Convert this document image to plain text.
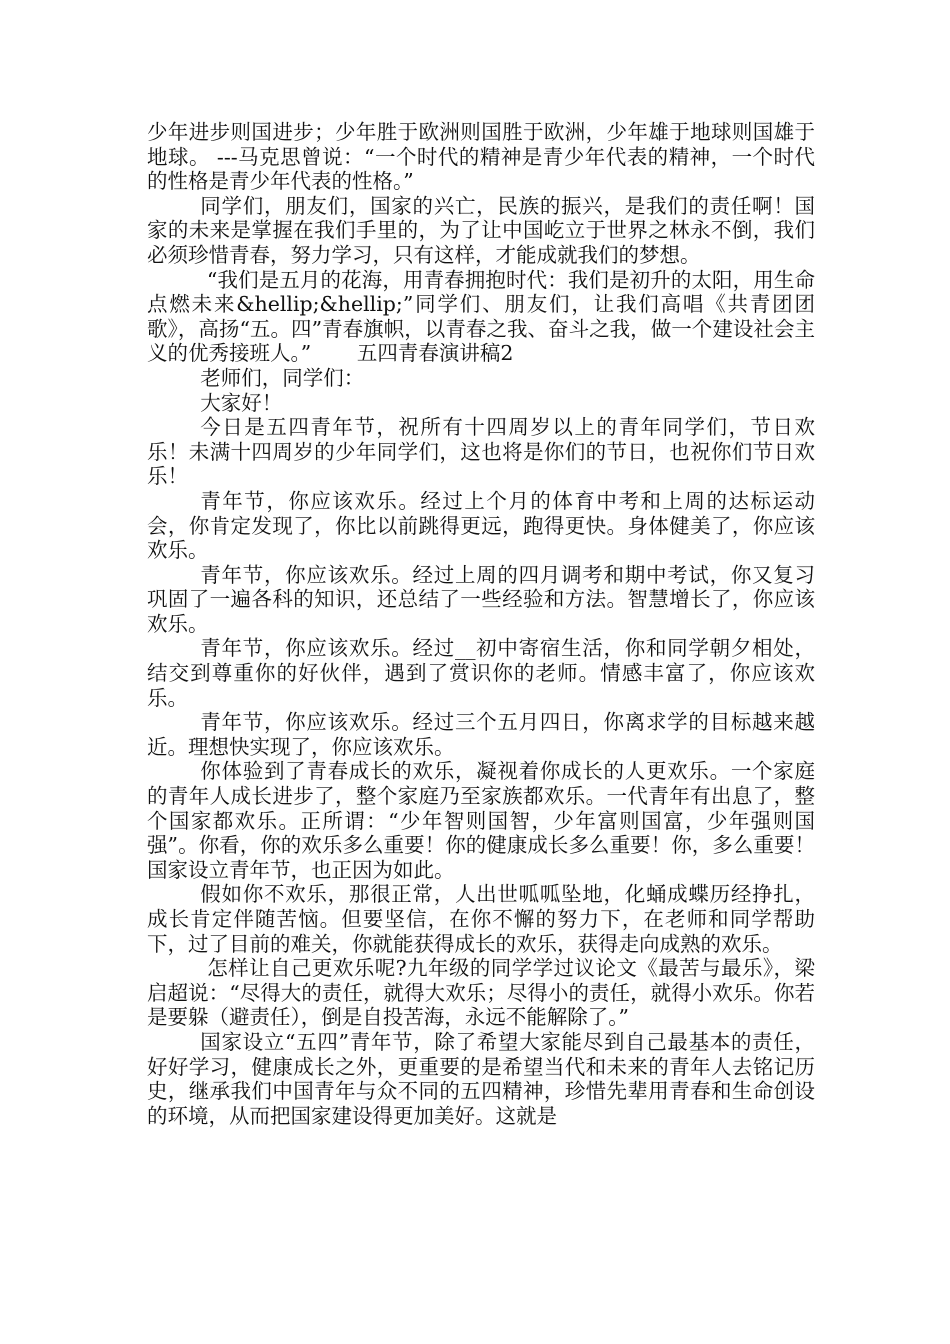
少年进步则国进步；少年胜于欧洲则国胜于欧洲，少年雄于地球则国雄于地球。 ---马克思曾说：“一个时代的精神是青少年代表的精神，一个时代的性格是青少年代表的性格。”

同学们，朋友们，国家的兴亡，民族的振兴，是我们的责任啊！国家的未来是掌握在我们手里的，为了让中国屹立于世界之林永不倒，我们必须珍惜青春，努力学习，只有这样，才能成就我们的梦想。

“我们是五月的花海，用青春拥抱时代：我们是初升的太阳，用生命点燃未来&hellip;&hellip;”同学们、朋友们，让我们高唱《共青团团歌》，高扬“五。四”青春旗帜，以青春之我、奋斗之我，做一个建设社会主义的优秀接班人。”       五四青春演讲稿2

老师们，同学们：

大家好！

今日是五四青年节，祝所有十四周岁以上的青年同学们，节日欢乐！未满十四周岁的少年同学们，这也将是你们的节日，也祝你们节日欢乐！

青年节，你应该欢乐。经过上个月的体育中考和上周的达标运动会，你肯定发现了，你比以前跳得更远，跑得更快。身体健美了，你应该欢乐。

青年节，你应该欢乐。经过上周的四月调考和期中考试，你又复习巩固了一遍各科的知识，还总结了一些经验和方法。智慧增长了，你应该欢乐。

青年节，你应该欢乐。经过__初中寄宿生活，你和同学朝夕相处，结交到尊重你的好伙伴，遇到了赏识你的老师。情感丰富了，你应该欢乐。

青年节，你应该欢乐。经过三个五月四日，你离求学的目标越来越近。理想快实现了，你应该欢乐。

你体验到了青春成长的欢乐，凝视着你成长的人更欢乐。一个家庭的青年人成长进步了，整个家庭乃至家族都欢乐。一代青年有出息了，整个国家都欢乐。正所谓：“少年智则国智，少年富则国富，少年强则国强”。你看，你的欢乐多么重要！你的健康成长多么重要！你，多么重要！国家设立青年节，也正因为如此。

假如你不欢乐，那很正常，人出世呱呱坠地，化蛹成蝶历经挣扎，成长肯定伴随苦恼。但要坚信，在你不懈的努力下，在老师和同学帮助下，过了目前的难关，你就能获得成长的欢乐，获得走向成熟的欢乐。

怎样让自己更欢乐呢?九年级的同学学过议论文《最苦与最乐》，梁启超说：“尽得大的责任，就得大欢乐；尽得小的责任，就得小欢乐。你若是要躲（避责任），倒是自投苦海，永远不能解除了。”

国家设立“五四”青年节，除了希望大家能尽到自己最基本的责任，好好学习，健康成长之外，更重要的是希望当代和未来的青年人去铭记历史，继承我们中国青年与众不同的五四精神，珍惜先辈用青春和生命创设的环境，从而把国家建设得更加美好。这就是
